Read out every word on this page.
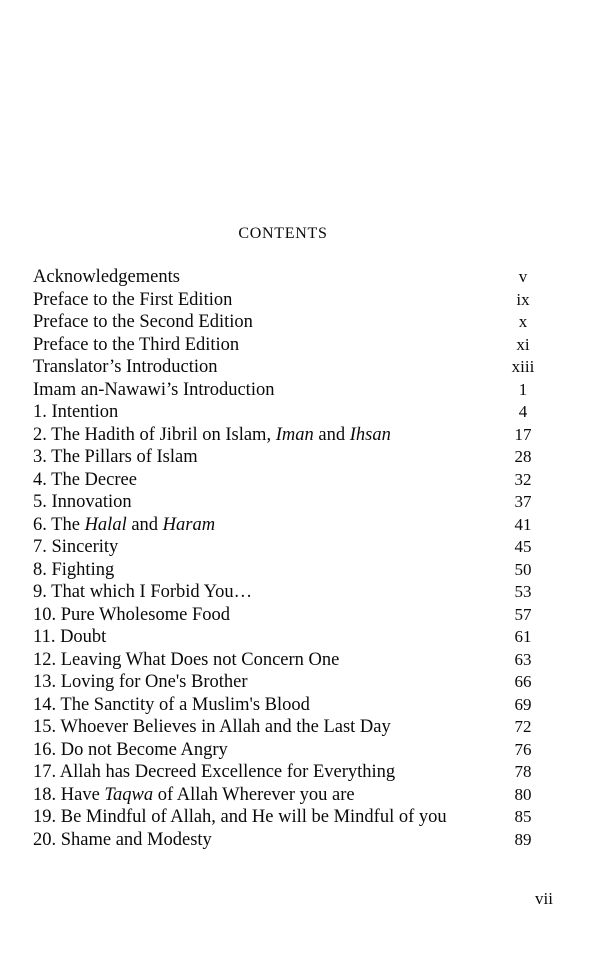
contents
Acknowledgements	v
Preface to the First Edition	ix
Preface to the Second Edition	x
Preface to the Third Edition	xi
Translator’s Introduction	xiii
Imam an-Nawawi’s Introduction	1
1. Intention	4
2. The Hadith of Jibril on Islam, Iman and Ihsan	17
3. The Pillars of Islam	28
4. The Decree	32
5. Innovation	37
6. The Halal and Haram	41
7. Sincerity	45
8. Fighting	50
9. That which I Forbid You…	53
10. Pure Wholesome Food	57
11. Doubt	61
12. Leaving What Does not Concern One	63
13. Loving for One's Brother	66
14. The Sanctity of a Muslim's Blood	69
15. Whoever Believes in Allah and the Last Day	72
16. Do not Become Angry	76
17. Allah has Decreed Excellence for Everything	78
18. Have Taqwa of Allah Wherever you are	80
19. Be Mindful of Allah, and He will be Mindful of you	85
20. Shame and Modesty	89
vii
